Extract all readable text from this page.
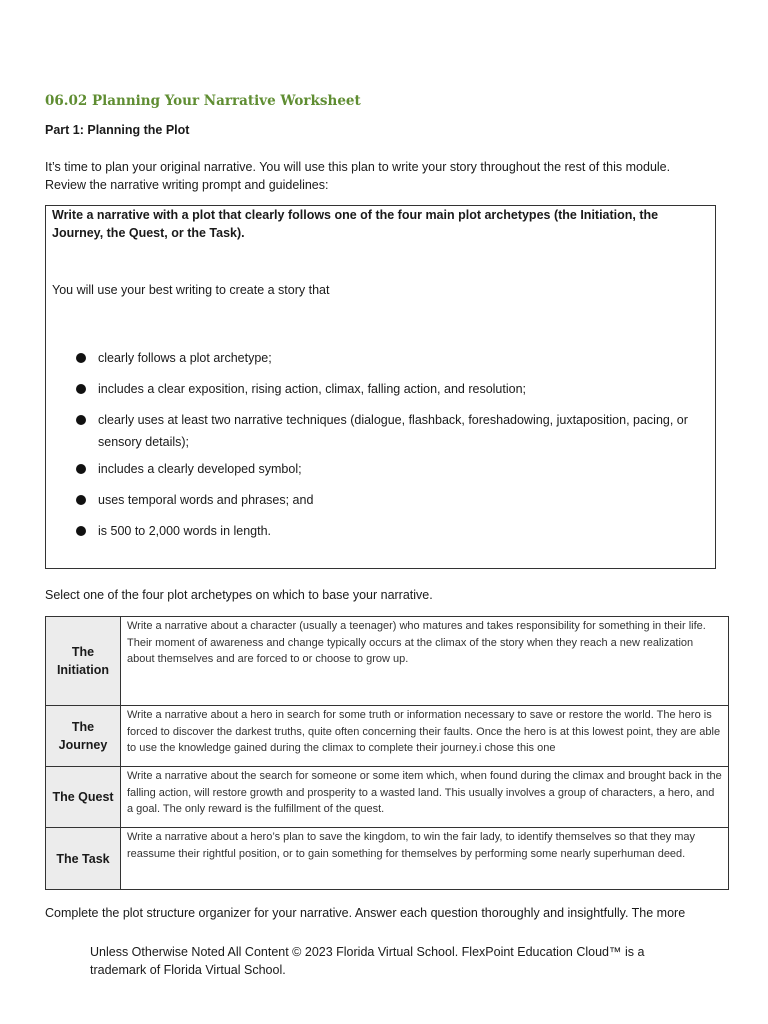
06.02 Planning Your Narrative Worksheet
Part 1: Planning the Plot
It’s time to plan your original narrative. You will use this plan to write your story throughout the rest of this module. Review the narrative writing prompt and guidelines:
Write a narrative with a plot that clearly follows one of the four main plot archetypes (the Initiation, the Journey, the Quest, or the Task).
You will use your best writing to create a story that
clearly follows a plot archetype;
includes a clear exposition, rising action, climax, falling action, and resolution;
clearly uses at least two narrative techniques (dialogue, flashback, foreshadowing, juxtaposition, pacing, or sensory details);
includes a clearly developed symbol;
uses temporal words and phrases; and
is 500 to 2,000 words in length.
Select one of the four plot archetypes on which to base your narrative.
The Initiation	Write a narrative about a character (usually a teenager) who matures and takes responsibility for something in their life. Their moment of awareness and change typically occurs at the climax of the story when they reach a new realization about themselves and are forced to or choose to grow up.
The Journey	Write a narrative about a hero in search for some truth or information necessary to save or restore the world. The hero is forced to discover the darkest truths, quite often concerning their faults. Once the hero is at this lowest point, they are able to use the knowledge gained during the climax to complete their journey.i chose this one
The Quest	Write a narrative about the search for someone or some item which, when found during the climax and brought back in the falling action, will restore growth and prosperity to a wasted land. This usually involves a group of characters, a hero, and a goal. The only reward is the fulfillment of the quest.
The Task	Write a narrative about a hero’s plan to save the kingdom, to win the fair lady, to identify themselves so that they may reassume their rightful position, or to gain something for themselves by performing some nearly superhuman deed.
Complete the plot structure organizer for your narrative. Answer each question thoroughly and insightfully. The more
Unless Otherwise Noted All Content © 2023 Florida Virtual School. FlexPoint Education Cloud™ is a trademark of Florida Virtual School.
